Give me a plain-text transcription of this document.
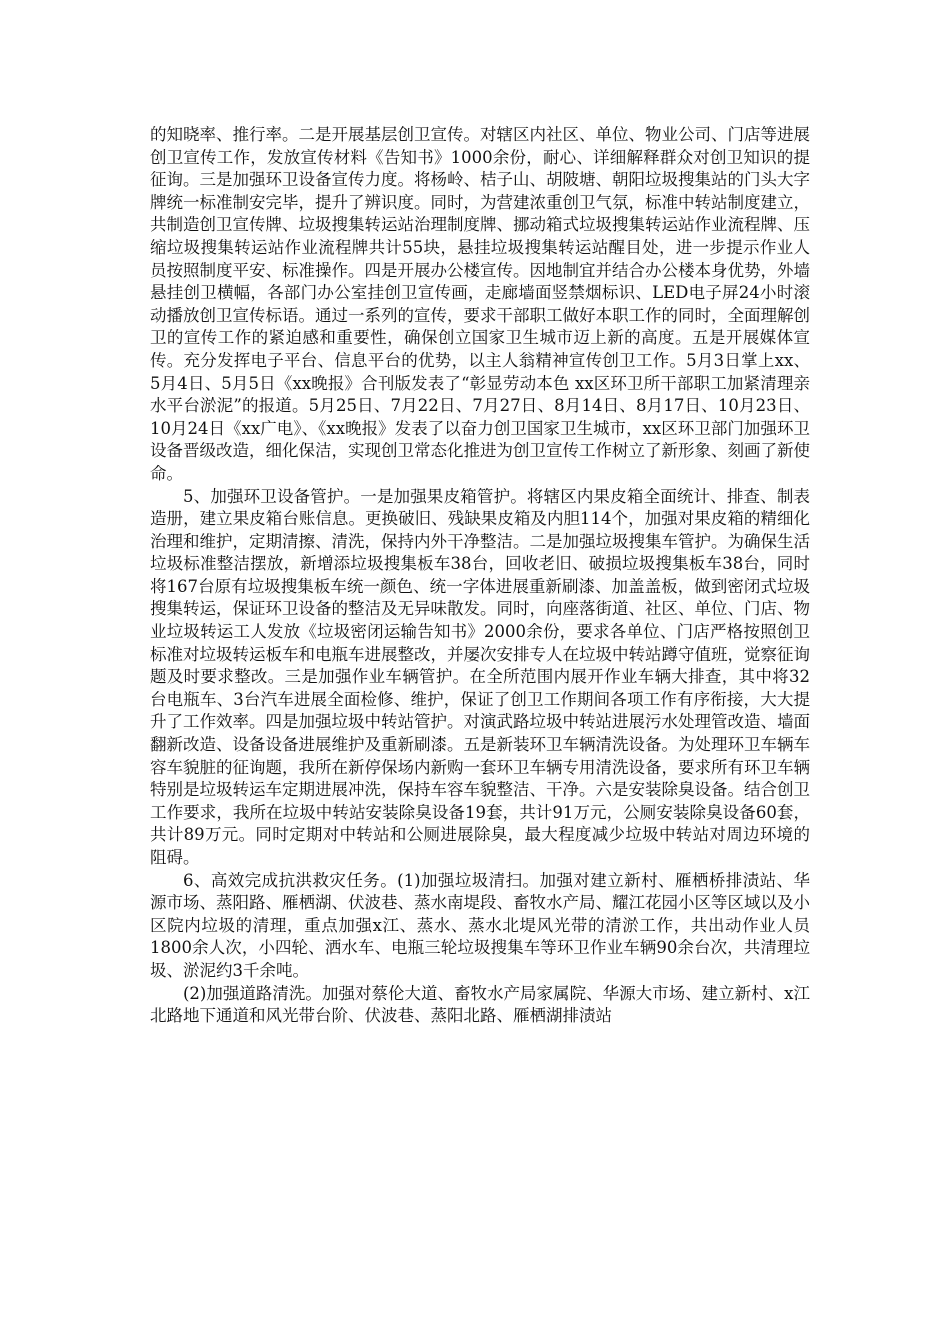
的知晓率、推行率。二是开展基层创卫宣传。对辖区内社区、单位、物业公司、门店等进展创卫宣传工作，发放宣传材料《告知书》1000余份，耐心、详细解释群众对创卫知识的提征询。三是加强环卫设备宣传力度。将杨岭、桔子山、胡陂塘、朝阳垃圾搜集站的门头大字牌统一标准制安完毕，提升了辨识度。同时，为营建浓重创卫气氛，标准中转站制度建立，共制造创卫宣传牌、垃圾搜集转运站治理制度牌、挪动箱式垃圾搜集转运站作业流程牌、压缩垃圾搜集转运站作业流程牌共计55块，悬挂垃圾搜集转运站醒目处，进一步提示作业人员按照制度平安、标准操作。四是开展办公楼宣传。因地制宜并结合办公楼本身优势，外墙悬挂创卫横幅，各部门办公室挂创卫宣传画，走廊墙面竖禁烟标识、LED电子屏24小时滚动播放创卫宣传标语。通过一系列的宣传，要求干部职工做好本职工作的同时，全面理解创卫的宣传工作的紧迫感和重要性，确保创立国家卫生城市迈上新的高度。五是开展媒体宣传。充分发挥电子平台、信息平台的优势，以主人翁精神宣传创卫工作。5月3日掌上xx、5月4日、5月5日《xx晚报》合刊版发表了“彰显劳动本色 xx区环卫所干部职工加紧清理亲水平台淤泥”的报道。5月25日、7月22日、7月27日、8月14日、8月17日、10月23日、10月24日《xx广电》、《xx晚报》发表了以奋力创卫国家卫生城市，xx区环卫部门加强环卫设备晋级改造，细化保洁，实现创卫常态化推进为创卫宣传工作树立了新形象、刻画了新使命。

5、加强环卫设备管护。一是加强果皮箱管护。将辖区内果皮箱全面统计、排查、制表造册，建立果皮箱台账信息。更换破旧、残缺果皮箱及内胆114个，加强对果皮箱的精细化治理和维护，定期清擦、清洗，保持内外干净整洁。二是加强垃圾搜集车管护。为确保生活垃圾标准整洁摆放，新增添垃圾搜集板车38台，回收老旧、破损垃圾搜集板车38台，同时将167台原有垃圾搜集板车统一颜色、统一字体进展重新刷漆、加盖盖板，做到密闭式垃圾搜集转运，保证环卫设备的整洁及无异味散发。同时，向座落街道、社区、单位、门店、物业垃圾转运工人发放《垃圾密闭运输告知书》2000余份，要求各单位、门店严格按照创卫标准对垃圾转运板车和电瓶车进展整改，并屡次安排专人在垃圾中转站蹲守值班，觉察征询题及时要求整改。三是加强作业车辆管护。在全所范围内展开作业车辆大排查，其中将32台电瓶车、3台汽车进展全面检修、维护，保证了创卫工作期间各项工作有序衔接，大大提升了工作效率。四是加强垃圾中转站管护。对演武路垃圾中转站进展污水处理管改造、墙面翻新改造、设备设备进展维护及重新刷漆。五是新装环卫车辆清洗设备。为处理环卫车辆车容车貌脏的征询题，我所在新停保场内新购一套环卫车辆专用清洗设备，要求所有环卫车辆特别是垃圾转运车定期进展冲洗，保持车容车貌整洁、干净。六是安装除臭设备。结合创卫工作要求，我所在垃圾中转站安装除臭设备19套，共计91万元，公厕安装除臭设备60套，共计89万元。同时定期对中转站和公厕进展除臭，最大程度减少垃圾中转站对周边环境的阻碍。

6、高效完成抗洪救灾任务。(1)加强垃圾清扫。加强对建立新村、雁栖桥排渍站、华源市场、蒸阳路、雁栖湖、伏波巷、蒸水南堤段、畜牧水产局、耀江花园小区等区域以及小区院内垃圾的清理，重点加强x江、蒸水、蒸水北堤风光带的清淤工作，共出动作业人员1800余人次，小四轮、洒水车、电瓶三轮垃圾搜集车等环卫作业车辆90余台次，共清理垃圾、淤泥约3千余吨。

(2)加强道路清洗。加强对蔡伦大道、畜牧水产局家属院、华源大市场、建立新村、x江北路地下通道和风光带台阶、伏波巷、蒸阳北路、雁栖湖排渍站
